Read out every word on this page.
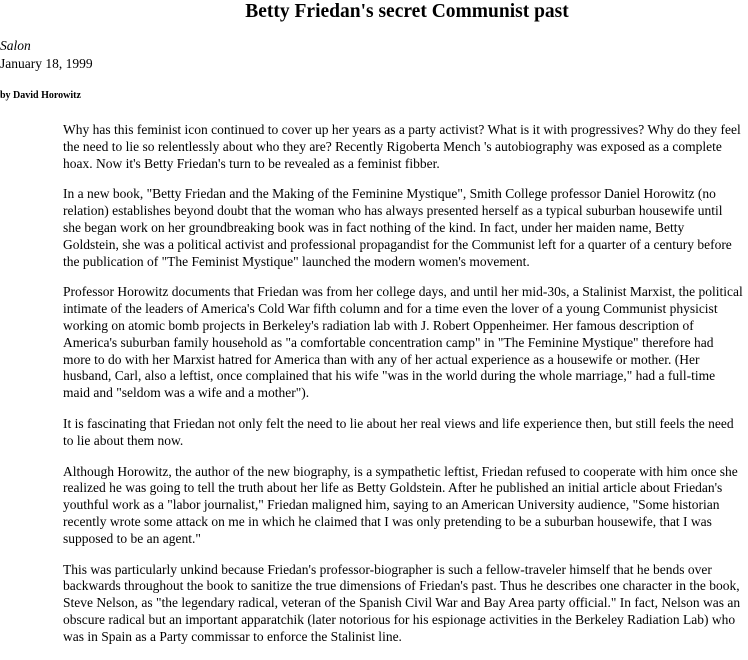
Betty Friedan's secret Communist past
Salon
January 18, 1999
by David Horowitz

Why has this feminist icon continued to cover up her years as a party activist? What is it with progressives? Why do they feel the need to lie so relentlessly about who they are? Recently Rigoberta Mench 's autobiography was exposed as a complete hoax. Now it's Betty Friedan's turn to be revealed as a feminist fibber.

In a new book, "Betty Friedan and the Making of the Feminine Mystique", Smith College professor Daniel Horowitz (no relation) establishes beyond doubt that the woman who has always presented herself as a typical suburban housewife until she began work on her groundbreaking book was in fact nothing of the kind. In fact, under her maiden name, Betty Goldstein, she was a political activist and professional propagandist for the Communist left for a quarter of a century before the publication of "The Feminist Mystique" launched the modern women's movement.

Professor Horowitz documents that Friedan was from her college days, and until her mid-30s, a Stalinist Marxist, the political intimate of the leaders of America's Cold War fifth column and for a time even the lover of a young Communist physicist working on atomic bomb projects in Berkeley's radiation lab with J. Robert Oppenheimer. Her famous description of America's suburban family household as "a comfortable concentration camp" in "The Feminine Mystique" therefore had more to do with her Marxist hatred for America than with any of her actual experience as a housewife or mother. (Her husband, Carl, also a leftist, once complained that his wife "was in the world during the whole marriage," had a full-time maid and "seldom was a wife and a mother").

It is fascinating that Friedan not only felt the need to lie about her real views and life experience then, but still feels the need to lie about them now.

Although Horowitz, the author of the new biography, is a sympathetic leftist, Friedan refused to cooperate with him once she realized he was going to tell the truth about her life as Betty Goldstein. After he published an initial article about Friedan's youthful work as a "labor journalist," Friedan maligned him, saying to an American University audience, "Some historian recently wrote some attack on me in which he claimed that I was only pretending to be a suburban housewife, that I was supposed to be an agent."

This was particularly unkind because Friedan's professor-biographer is such a fellow-traveler himself that he bends over backwards throughout the book to sanitize the true dimensions of Friedan's past. Thus he describes one character in the book, Steve Nelson, as "the legendary radical, veteran of the Spanish Civil War and Bay Area party official." In fact, Nelson was an obscure radical but an important apparatchik (later notorious for his espionage activities in the Berkeley Radiation Lab) who was in Spain as a Party commissar to enforce the Stalinist line.
